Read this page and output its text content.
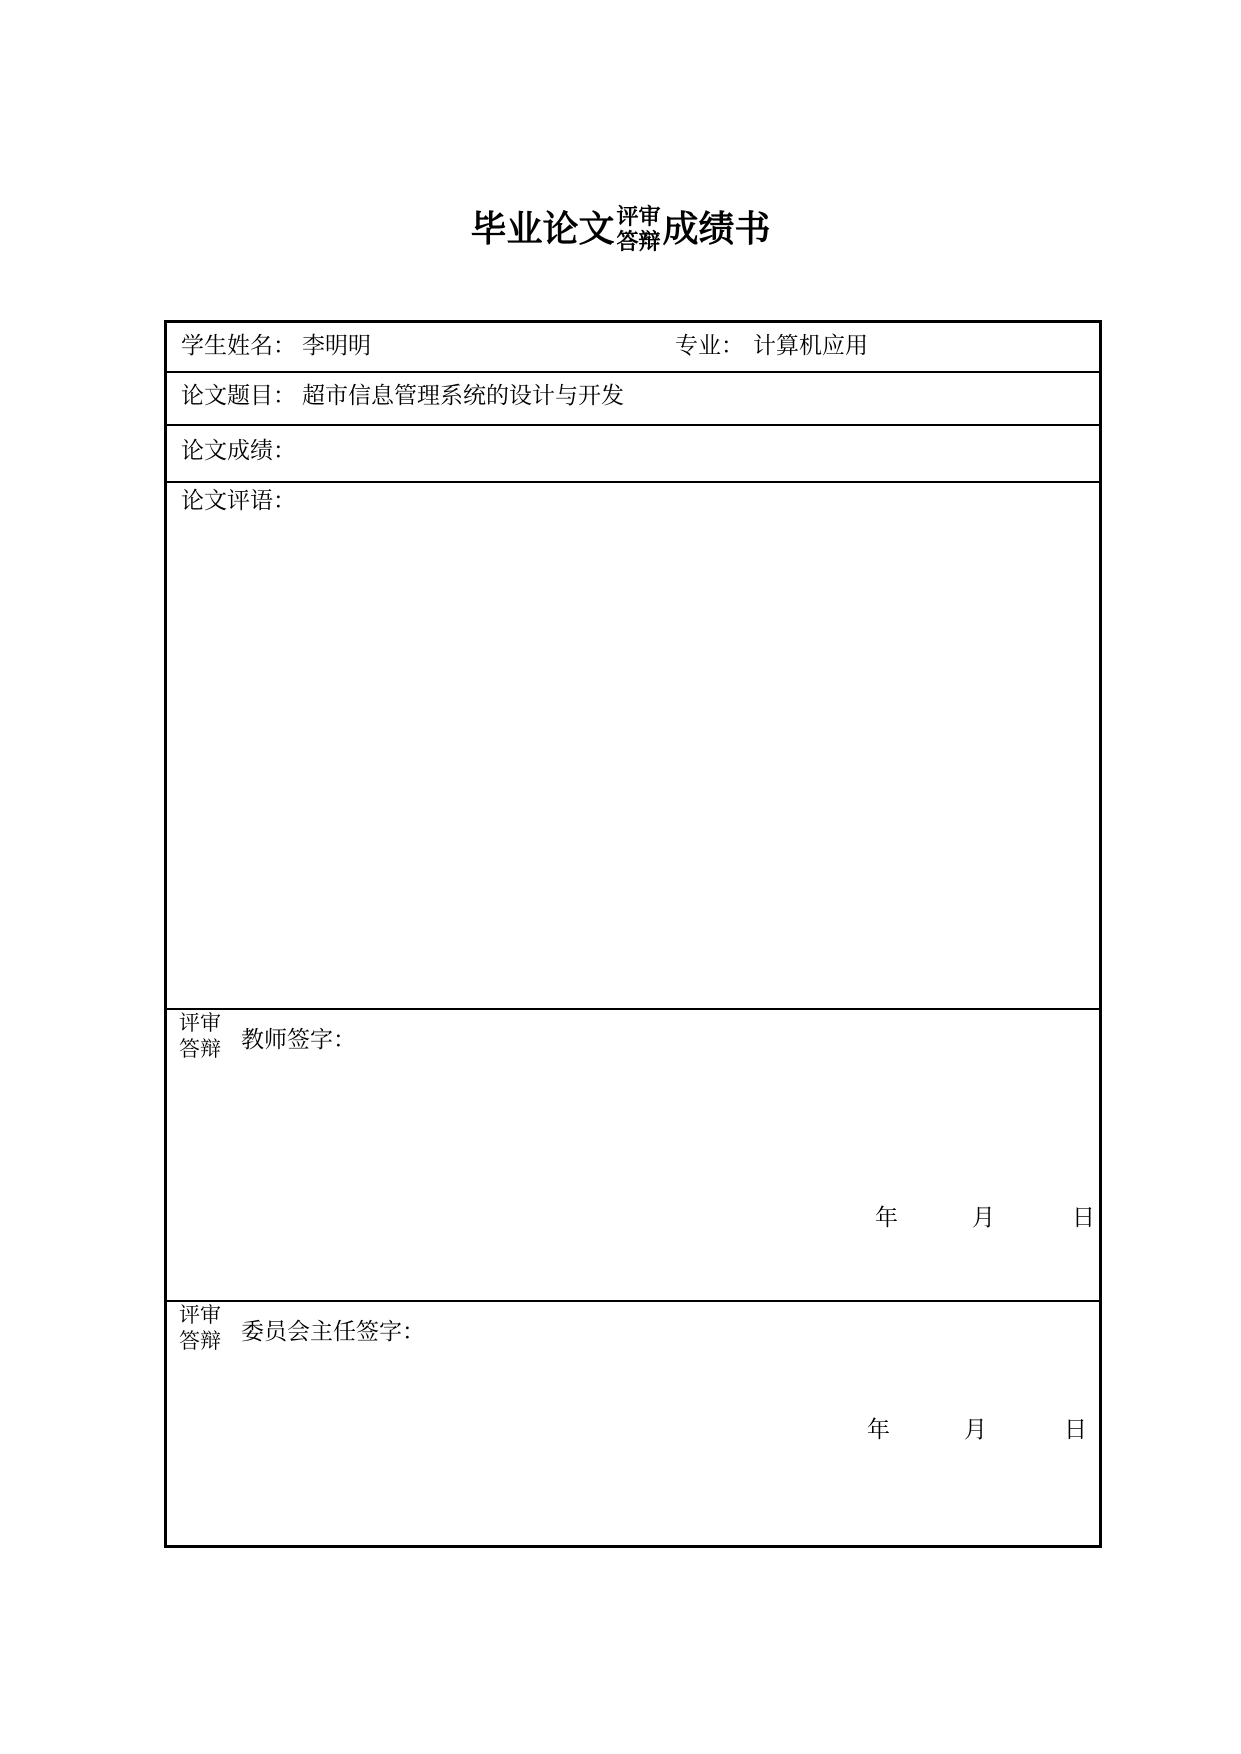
毕业论文 评审
答辩 成绩书
学生姓名： 李明明	专业： 计算机应用
论文题目： 超市信息管理系统的设计与开发
论文成绩：
论文评语：
评审
答辩 教师签字：
年	月	日
评审
答辩 委员会主任签字：
年	月	日
